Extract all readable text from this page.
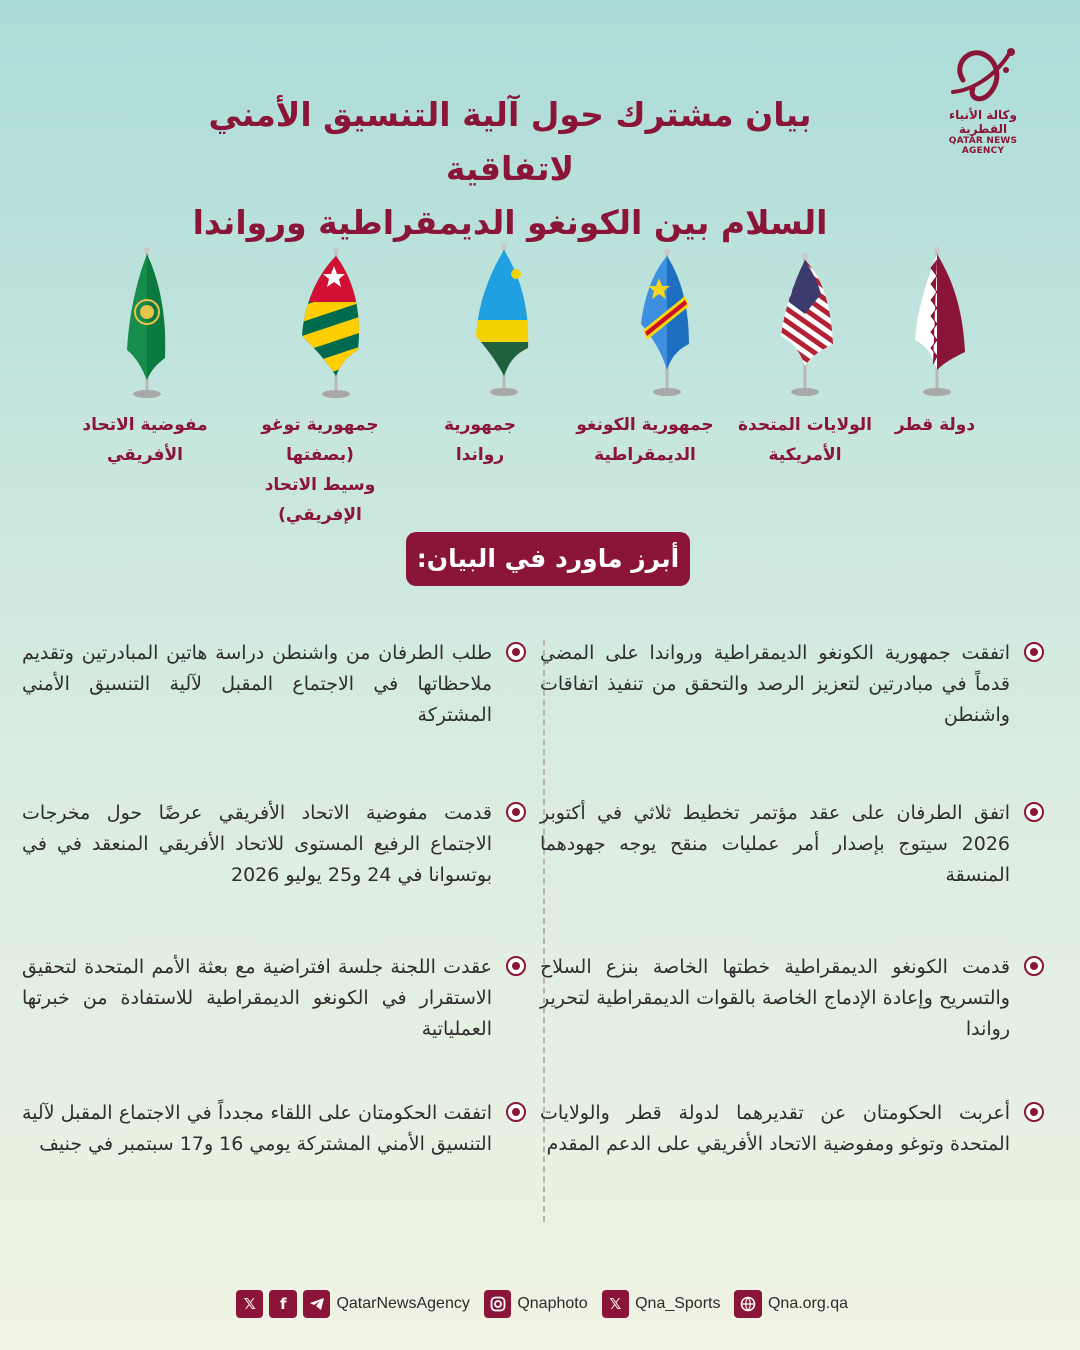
وكالة الأنباء القطرية
QATAR NEWS AGENCY
بيان مشترك حول آلية التنسيق الأمني لاتفاقية
السلام بين الكونغو الديمقراطية ورواندا
دولة قطر
الولايات المتحدة
الأمريكية
جمهورية الكونغو
الديمقراطية
جمهورية
رواندا
جمهورية توغو (بصفتها
وسيط الاتحاد الإفريقي)
مفوضية الاتحاد
الأفريقي
أبرز ماورد في البيان:
اتفقت جمهورية الكونغو الديمقراطية ورواندا على المضي قدماً في مبادرتين لتعزيز الرصد والتحقق من تنفيذ اتفاقات واشنطن
اتفق الطرفان على عقد مؤتمر تخطيط ثلاثي في أكتوبر 2026 سيتوج بإصدار أمر عمليات منقح يوجه جهودهما المنسقة
قدمت الكونغو الديمقراطية خطتها الخاصة بنزع السلاح والتسريح وإعادة الإدماج الخاصة بالقوات الديمقراطية لتحرير رواندا
أعربت الحكومتان عن تقديرهما لدولة قطر والولايات المتحدة وتوغو ومفوضية الاتحاد الأفريقي على الدعم المقدم
طلب الطرفان من واشنطن دراسة هاتين المبادرتين وتقديم ملاحظاتها في الاجتماع المقبل لآلية التنسيق الأمني المشتركة
قدمت مفوضية الاتحاد الأفريقي عرضًا حول مخرجات الاجتماع الرفيع المستوى للاتحاد الأفريقي المنعقد في في بوتسوانا في 24 و25 يوليو 2026
عقدت اللجنة جلسة افتراضية مع بعثة الأمم المتحدة لتحقيق الاستقرار في الكونغو الديمقراطية للاستفادة من خبرتها العملياتية
اتفقت الحكومتان على اللقاء مجدداً في الاجتماع المقبل لآلية التنسيق الأمني المشتركة يومي 16 و17 سبتمبر في جنيف
𝕏	f	QatarNewsAgency	Qnaphoto	𝕏 Qna_Sports	Qna.org.qa
